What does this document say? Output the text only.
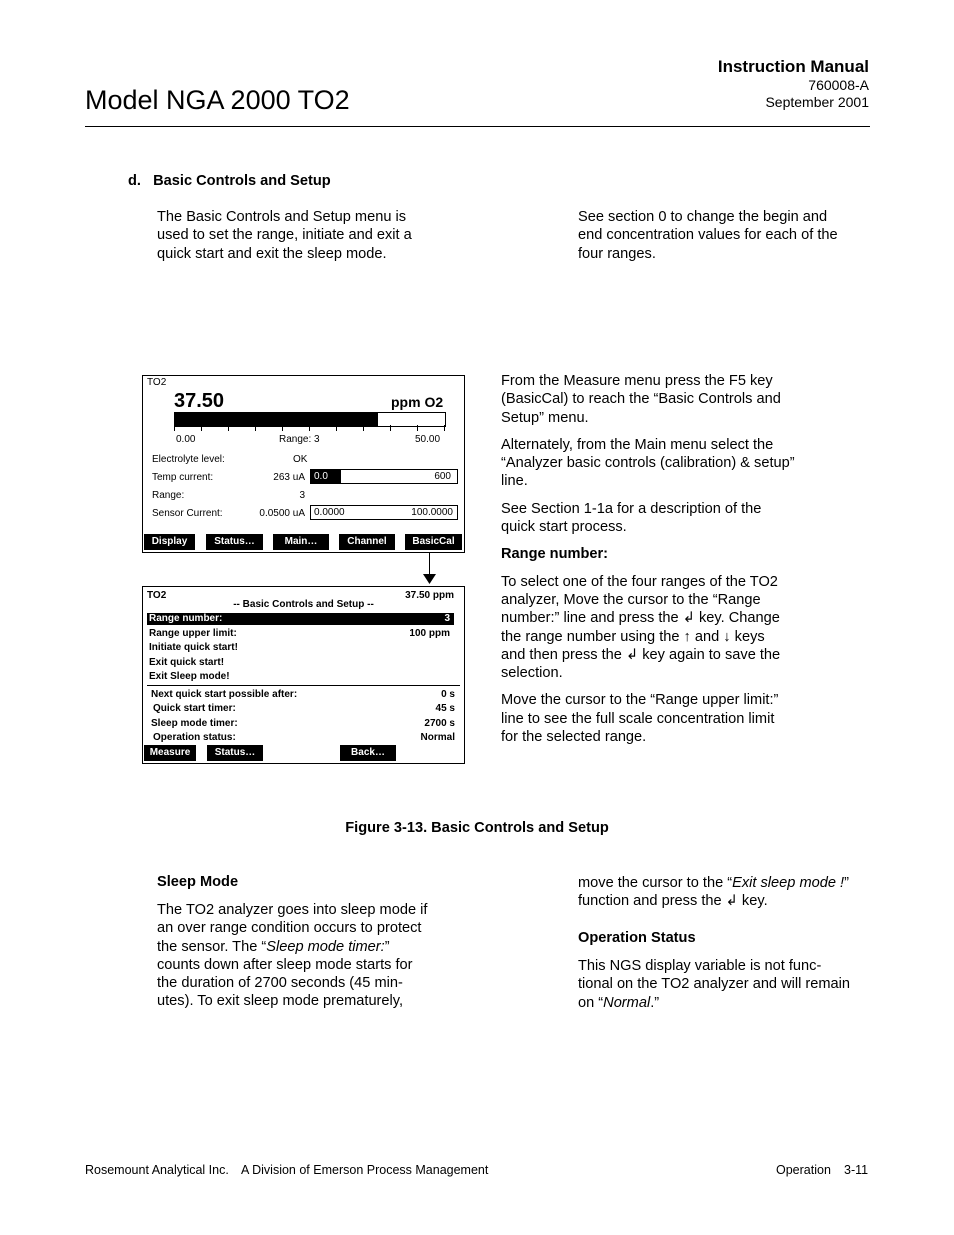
Model NGA 2000 TO2
Instruction Manual
760008-A
September 2001
d.   Basic Controls and Setup
The Basic Controls and Setup menu is
used to set the range, initiate and exit a
quick start and exit the sleep mode.
See section 0 to change the begin and
end concentration values for each of the
four ranges.
TO2
37.50	ppm O2
0.00	Range: 3	50.00
Electrolyte level:	OK
Temp current:	263 uA 0.0	600
Range:	3
Sensor Current:	0.0500 uA 0.0000	100.0000
Display	Status…	Main…	Channel	BasicCal
TO2	37.50 ppm
-- Basic Controls and Setup --
Range number:	3
Range upper limit:	100 ppm
Initiate quick start!
Exit quick start!
Exit Sleep mode!
Next quick start possible after:	0 s
Quick start timer:	45 s
Sleep mode timer:	2700 s
Operation status:	Normal
Measure	Status…	Back…
From the Measure menu press the F5 key
(BasicCal) to reach the “Basic Controls and
Setup” menu.
Alternately, from the Main menu select the
“Analyzer basic controls (calibration) & setup”
line.
See Section 1-1a for a description of the
quick start process.
Range number:
To select one of the four ranges of the TO2
analyzer, Move the cursor to the “Range
number:” line and press the ↲ key. Change
the range number using the ↑ and ↓ keys
and then press the ↲ key again to save the
selection.
Move the cursor to the “Range upper limit:”
line to see the full scale concentration limit
for the selected range.
Figure 3-13. Basic Controls and Setup
Sleep Mode
The TO2 analyzer goes into sleep mode if
an over range condition occurs to protect
the sensor. The “Sleep mode timer:”
counts down after sleep mode starts for
the duration of 2700 seconds (45 min-
utes). To exit sleep mode prematurely,
move the cursor to the “Exit sleep mode !”
function and press the ↲ key.
Operation Status
This NGS display variable is not func-
tional on the TO2 analyzer and will remain
on “Normal.”
Rosemount Analytical Inc. A Division of Emerson Process Management	Operation 3-11
